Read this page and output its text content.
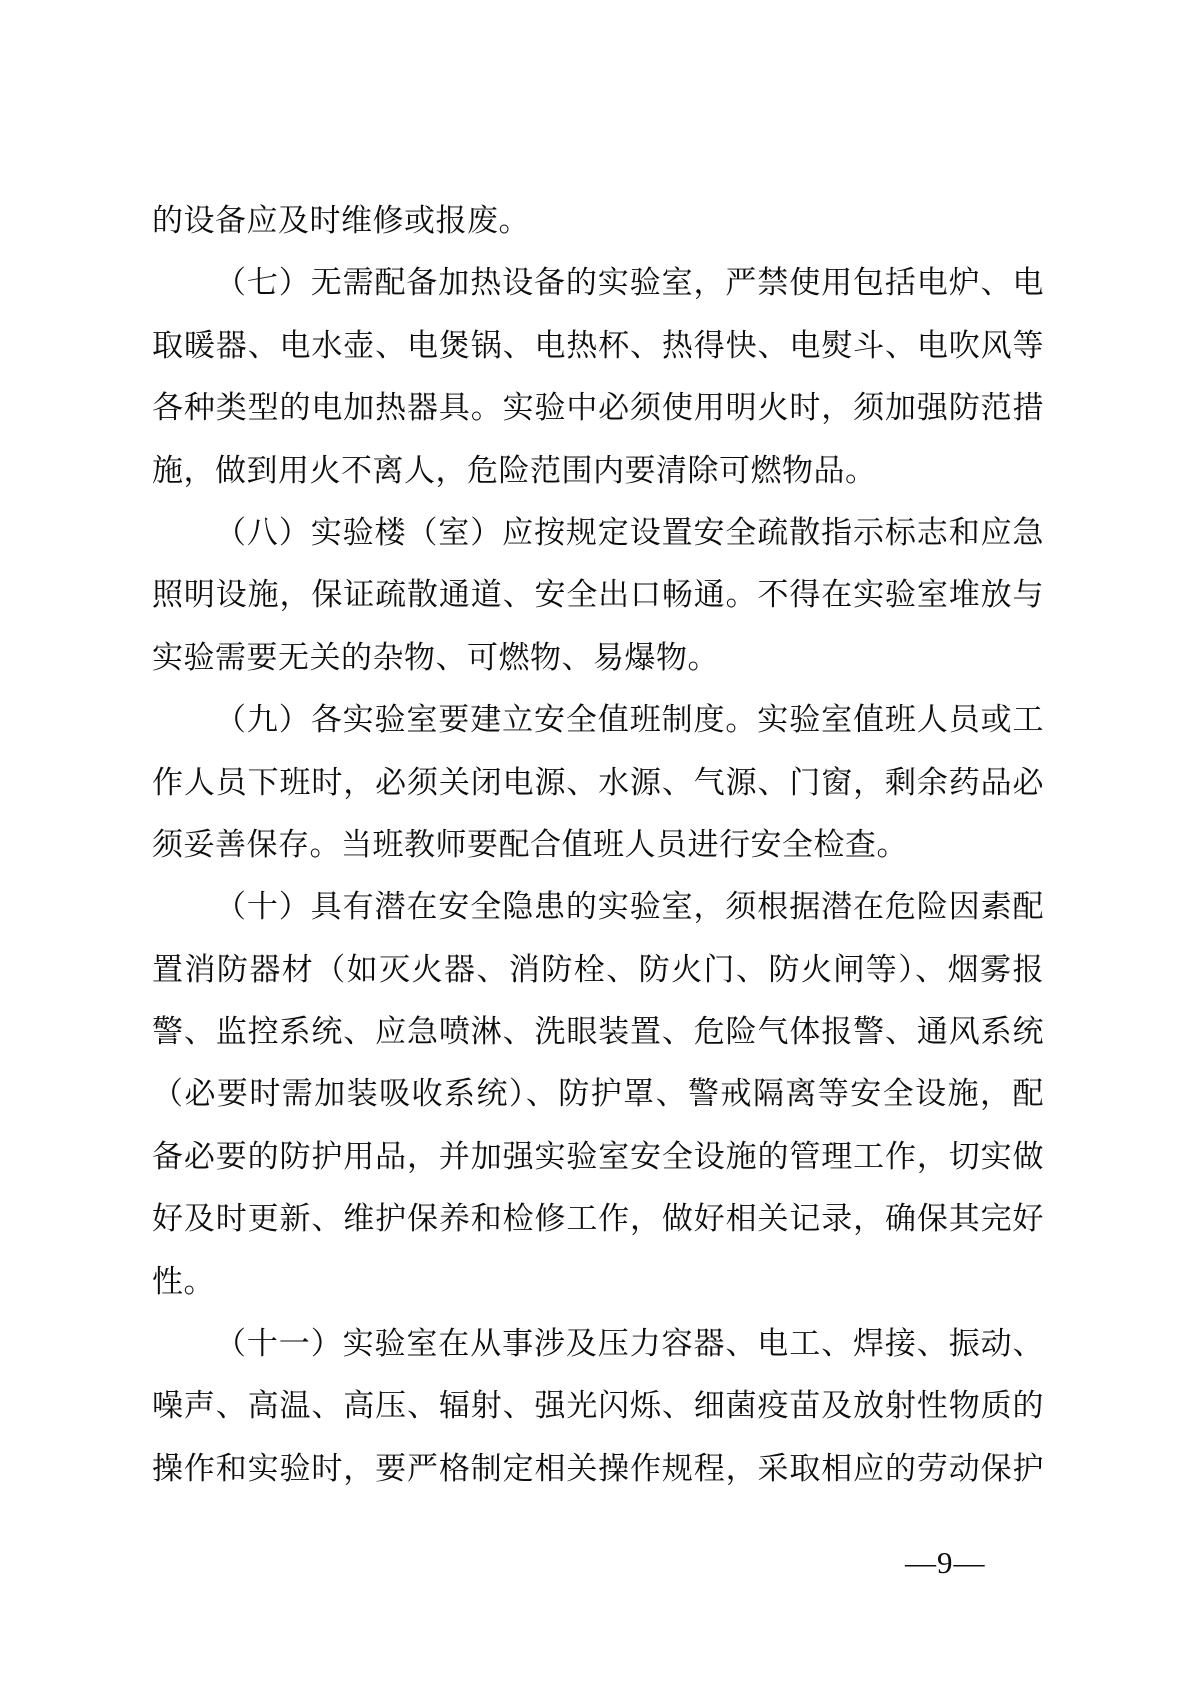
的设备应及时维修或报废。
（七）无需配备加热设备的实验室，严禁使用包括电炉、电
取暖器、电水壶、电煲锅、电热杯、热得快、电熨斗、电吹风等
各种类型的电加热器具。实验中必须使用明火时，须加强防范措
施，做到用火不离人，危险范围内要清除可燃物品。
（八）实验楼（室）应按规定设置安全疏散指示标志和应急
照明设施，保证疏散通道、安全出口畅通。不得在实验室堆放与
实验需要无关的杂物、可燃物、易爆物。
（九）各实验室要建立安全值班制度。实验室值班人员或工
作人员下班时，必须关闭电源、水源、气源、门窗，剩余药品必
须妥善保存。当班教师要配合值班人员进行安全检查。
（十）具有潜在安全隐患的实验室，须根据潜在危险因素配
置消防器材（如灭火器、消防栓、防火门、防火闸等）、烟雾报
警、监控系统、应急喷淋、洗眼装置、危险气体报警、通风系统
（必要时需加装吸收系统）、防护罩、警戒隔离等安全设施，配
备必要的防护用品，并加强实验室安全设施的管理工作，切实做
好及时更新、维护保养和检修工作，做好相关记录，确保其完好
性。
（十一）实验室在从事涉及压力容器、电工、焊接、振动、
噪声、高温、高压、辐射、强光闪烁、细菌疫苗及放射性物质的
操作和实验时，要严格制定相关操作规程，采取相应的劳动保护
—9—
